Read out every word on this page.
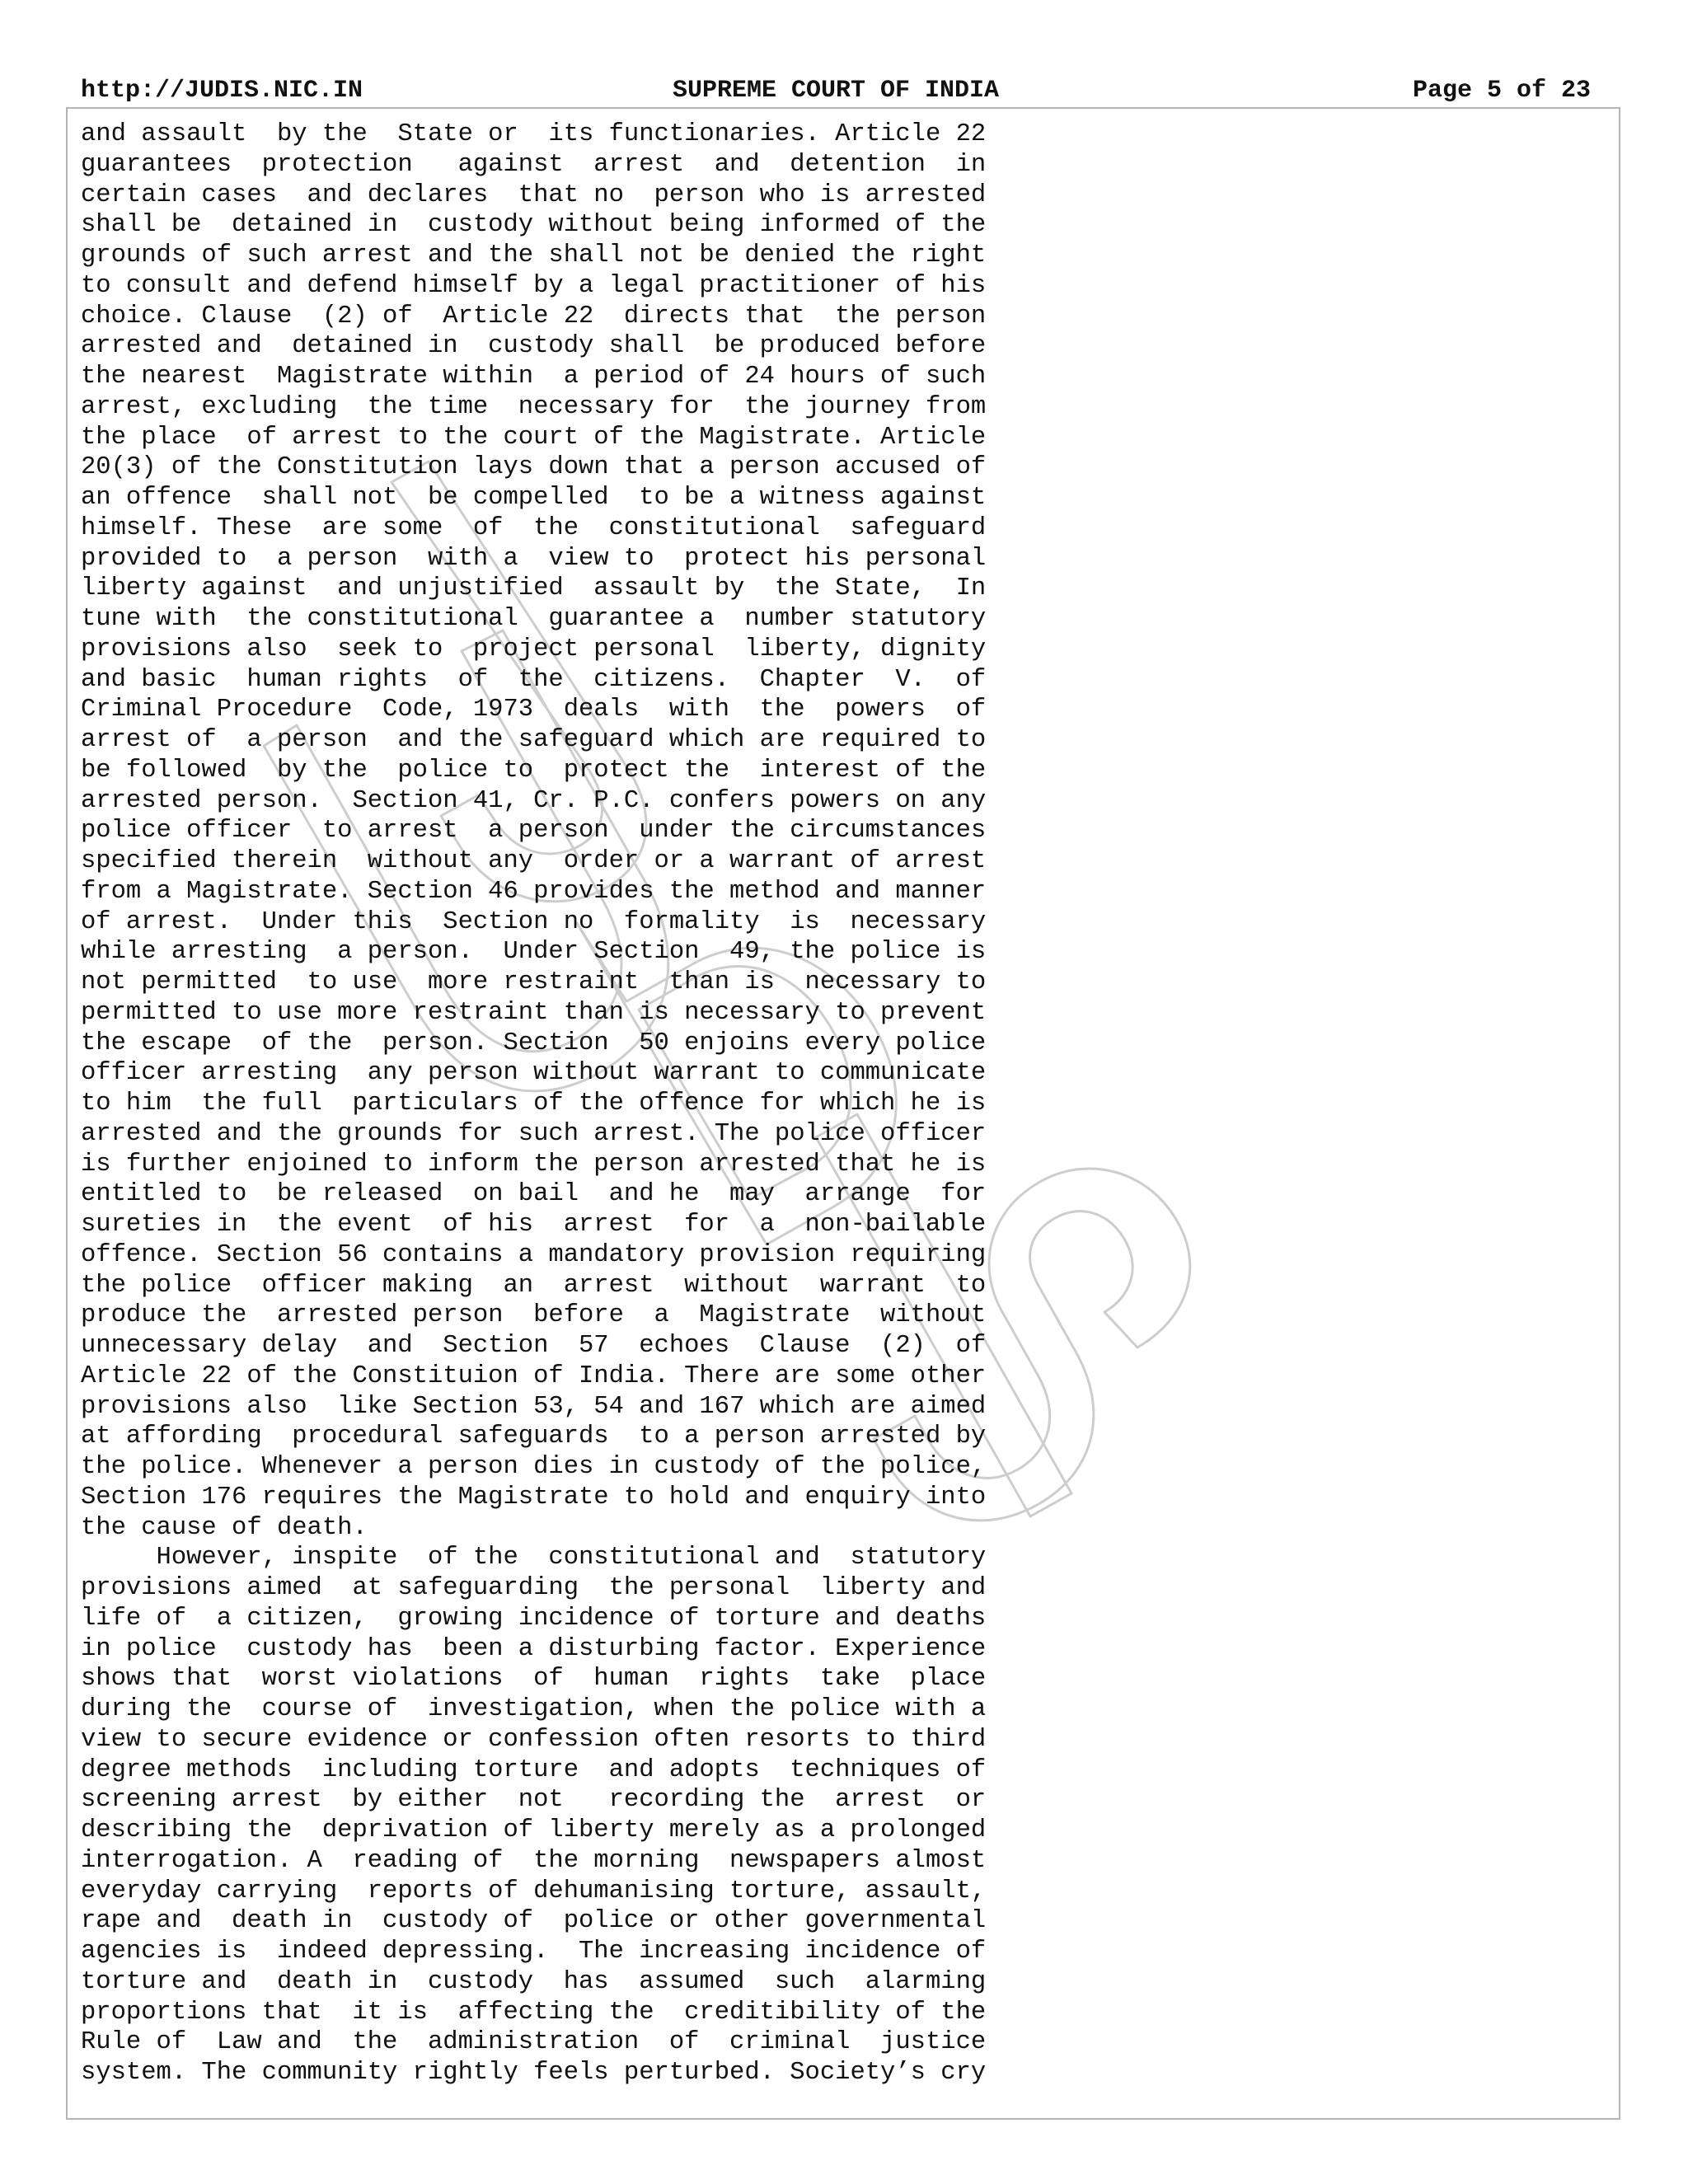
http://JUDIS.NIC.IN	SUPREME COURT OF INDIA	Page 5 of 23
and assault  by the  State or  its functionaries. Article 22
guarantees  protection   against  arrest  and  detention  in
certain cases  and declares  that no  person who is arrested
shall be  detained in  custody without being informed of the
grounds of such arrest and the shall not be denied the right
to consult and defend himself by a legal practitioner of his
choice. Clause  (2) of  Article 22  directs that  the person
arrested and  detained in  custody shall  be produced before
the nearest  Magistrate within  a period of 24 hours of such
arrest, excluding  the time  necessary for  the journey from
the place  of arrest to the court of the Magistrate. Article
20(3) of the Constitution lays down that a person accused of
an offence  shall not  be compelled  to be a witness against
himself. These  are some  of  the  constitutional  safeguard
provided to  a person  with a  view to  protect his personal
liberty against  and unjustified  assault by  the State,  In
tune with  the constitutional  guarantee a  number statutory
provisions also  seek to  project personal  liberty, dignity
and basic  human rights  of  the  citizens.  Chapter  V.  of
Criminal Procedure  Code, 1973  deals  with  the  powers  of
arrest of  a person  and the safeguard which are required to
be followed  by the  police to  protect the  interest of the
arrested person.  Section 41, Cr. P.C. confers powers on any
police officer  to arrest  a person  under the circumstances
specified therein  without any  order or a warrant of arrest
from a Magistrate. Section 46 provides the method and manner
of arrest.  Under this  Section no  formality  is  necessary
while arresting  a person.  Under Section  49, the police is
not permitted  to use  more restraint  than is  necessary to
permitted to use more restraint than is necessary to prevent
the escape  of the  person. Section  50 enjoins every police
officer arresting  any person without warrant to communicate
to him  the full  particulars of the offence for which he is
arrested and the grounds for such arrest. The police officer
is further enjoined to inform the person arrested that he is
entitled to  be released  on bail  and he  may  arrange  for
sureties in  the event  of his  arrest  for  a  non-bailable
offence. Section 56 contains a mandatory provision requiring
the police  officer making  an  arrest  without  warrant  to
produce the  arrested person  before  a  Magistrate  without
unnecessary delay  and  Section  57  echoes  Clause  (2)  of
Article 22 of the Constituion of India. There are some other
provisions also  like Section 53, 54 and 167 which are aimed
at affording  procedural safeguards  to a person arrested by
the police. Whenever a person dies in custody of the police,
Section 176 requires the Magistrate to hold and enquiry into
the cause of death.
However, inspite  of the  constitutional and  statutory
provisions aimed  at safeguarding  the personal  liberty and
life of  a citizen,  growing incidence of torture and deaths
in police  custody has  been a disturbing factor. Experience
shows that  worst violations  of  human  rights  take  place
during the  course of  investigation, when the police with a
view to secure evidence or confession often resorts to third
degree methods  including torture  and adopts  techniques of
screening arrest  by either  not   recording the  arrest  or
describing the  deprivation of liberty merely as a prolonged
interrogation. A  reading of  the morning  newspapers almost
everyday carrying  reports of dehumanising torture, assault,
rape and  death in  custody of  police or other governmental
agencies is  indeed depressing.  The increasing incidence of
torture and  death in  custody  has  assumed  such  alarming
proportions that  it is  affecting the  creditibility of the
Rule of  Law and  the  administration  of  criminal  justice
system. The community rightly feels perturbed. Society’s cry
